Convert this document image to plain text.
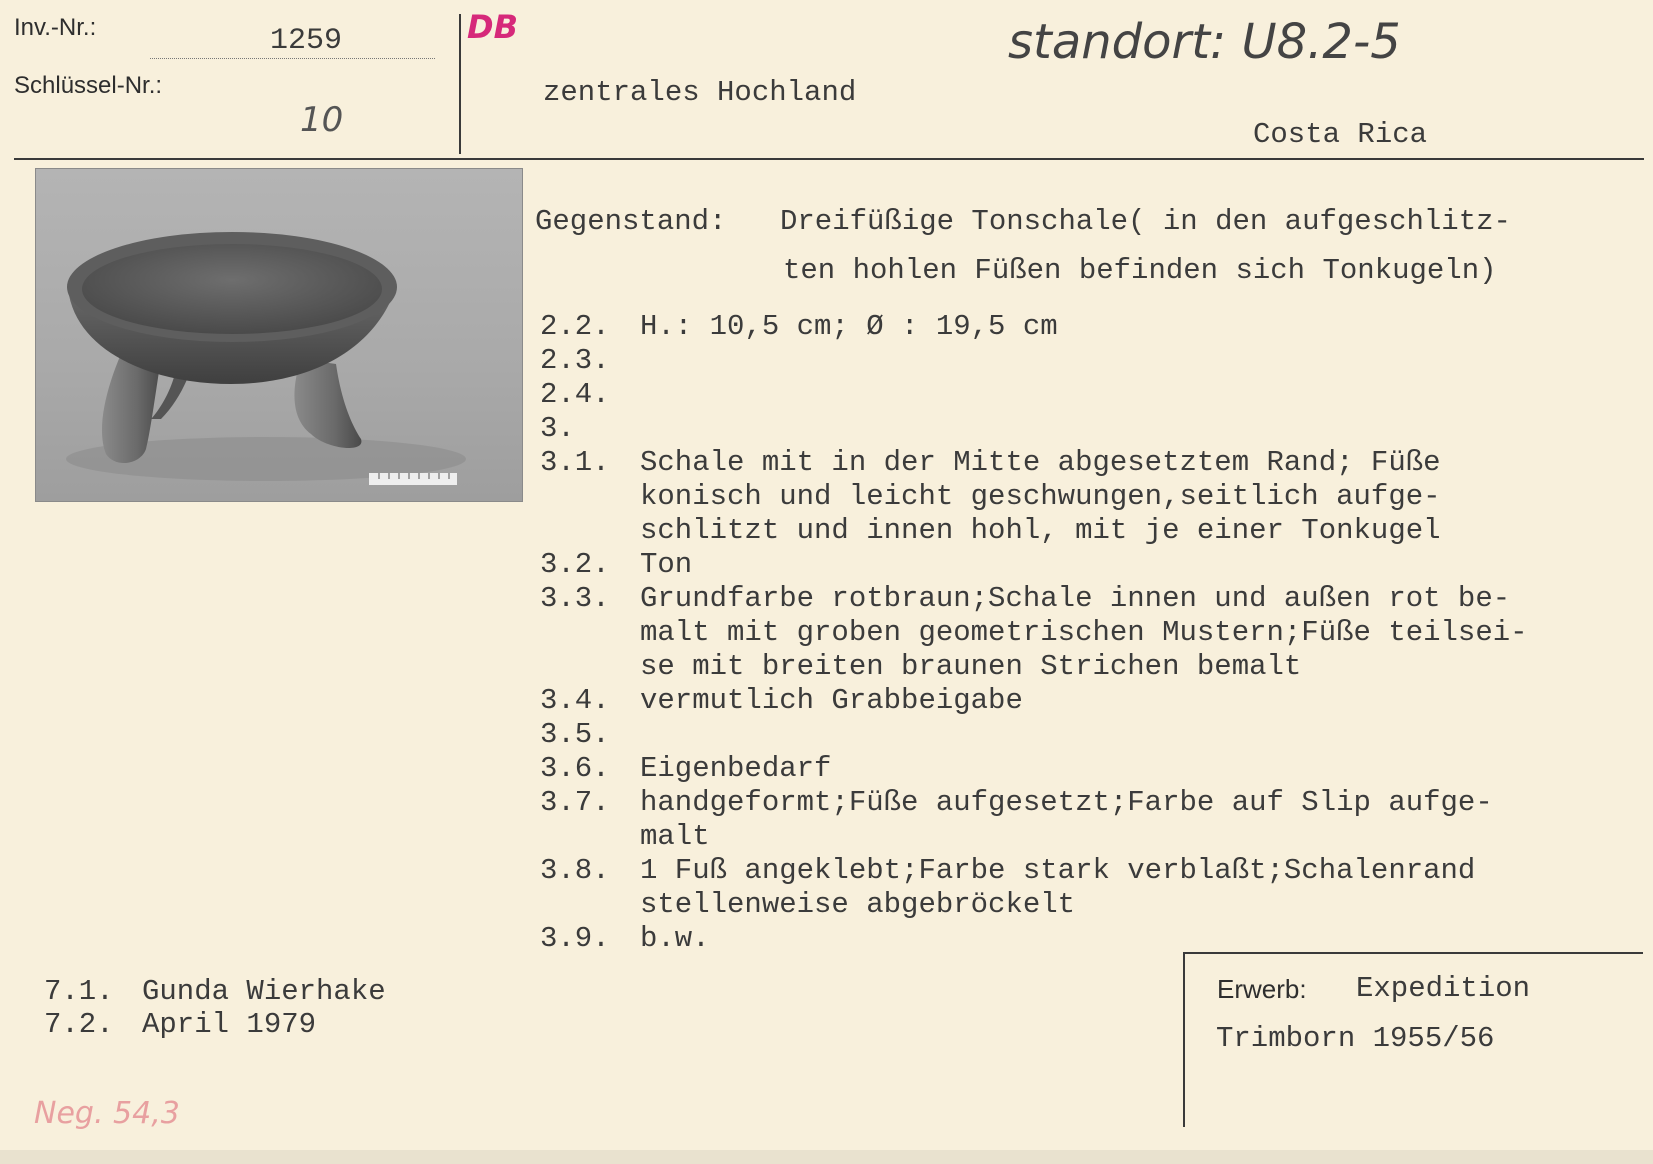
Inv.-Nr.:	1259
Schlüssel-Nr.:
10
DB	standort: U8.2-5
zentrales Hochland
Costa Rica
Gegenstand: Dreifüßige Tonschale( in den aufgeschlitz-
ten hohlen Füßen befinden sich Tonkugeln)
2.2. H.: 10,5 cm; Ø : 19,5 cm
2.3.
2.4.
3.
3.1. Schale mit in der Mitte abgesetztem Rand; Füße
konisch und leicht geschwungen,seitlich aufge-
schlitzt und innen hohl, mit je einer Tonkugel
3.2. Ton
3.3. Grundfarbe rotbraun;Schale innen und außen rot be-
malt mit groben geometrischen Mustern;Füße teilsei-
se mit breiten braunen Strichen bemalt
3.4. vermutlich Grabbeigabe
3.5.
3.6. Eigenbedarf
3.7. handgeformt;Füße aufgesetzt;Farbe auf Slip aufge-
malt
3.8. 1 Fuß angeklebt;Farbe stark verblaßt;Schalenrand
stellenweise abgebröckelt
3.9. b.w.
7.1. Gunda Wierhake
7.2. April 1979
Neg. 54,3
Erwerb: Expedition
Trimborn 1955/56
